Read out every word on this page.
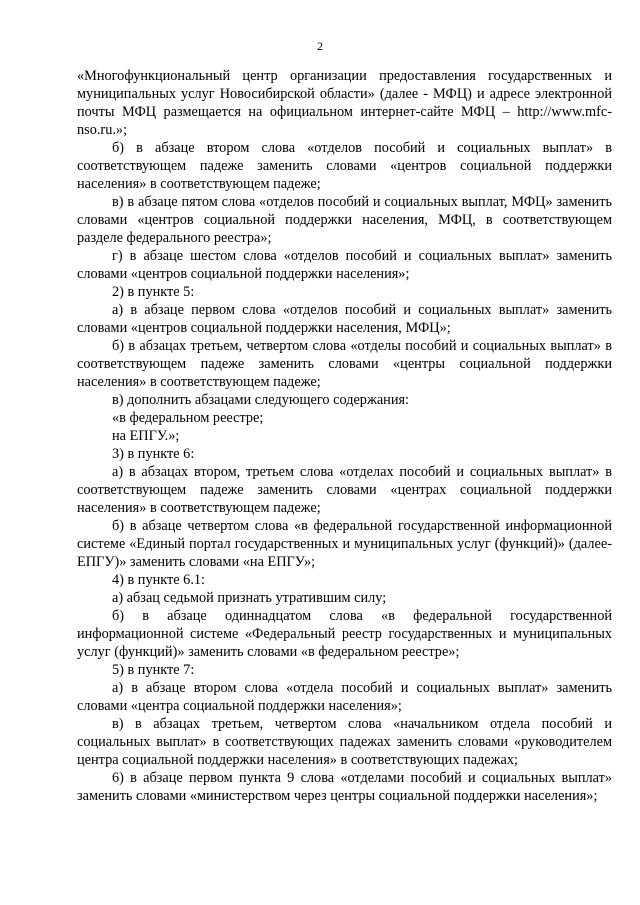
2

«Многофункциональный центр организации предоставления государственных и муниципальных услуг Новосибирской области» (далее - МФЦ) и адресе электронной почты МФЦ размещается на официальном интернет-сайте МФЦ – http://www.mfc-nso.ru.»;

б) в абзаце втором слова «отделов пособий и социальных выплат» в соответствующем падеже заменить словами «центров социальной поддержки населения» в соответствующем падеже;

в) в абзаце пятом слова «отделов пособий и социальных выплат, МФЦ» заменить словами «центров социальной поддержки населения, МФЦ, в соответствующем разделе федерального реестра»;

г) в абзаце шестом слова «отделов пособий и социальных выплат» заменить словами «центров социальной поддержки населения»;

2) в пункте 5:

а) в абзаце первом слова «отделов пособий и социальных выплат» заменить словами «центров социальной поддержки населения, МФЦ»;

б) в абзацах третьем, четвертом слова «отделы пособий и социальных выплат» в соответствующем падеже заменить словами «центры социальной поддержки населения» в соответствующем падеже;

в) дополнить абзацами следующего содержания:

«в федеральном реестре;

на ЕПГУ.»;

3) в пункте 6:

а) в абзацах втором, третьем слова «отделах пособий и социальных выплат» в соответствующем падеже заменить словами «центрах социальной поддержки населения» в соответствующем падеже;

б) в абзаце четвертом слова «в федеральной государственной информационной системе «Единый портал государственных и муниципальных услуг (функций)» (далее-ЕПГУ)» заменить словами «на ЕПГУ»;

4) в пункте 6.1:

а) абзац седьмой признать утратившим силу;

б) в абзаце одиннадцатом слова «в федеральной государственной информационной системе «Федеральный реестр государственных и муниципальных услуг (функций)» заменить словами «в федеральном реестре»;

5) в пункте 7:

а) в абзаце втором слова «отдела пособий и социальных выплат» заменить словами «центра социальной поддержки населения»;

в) в абзацах третьем, четвертом слова «начальником отдела пособий и социальных выплат» в соответствующих падежах заменить словами «руководителем центра социальной поддержки населения» в соответствующих падежах;

6) в абзаце первом пункта 9 слова «отделами пособий и социальных выплат» заменить словами «министерством через центры социальной поддержки населения»;
